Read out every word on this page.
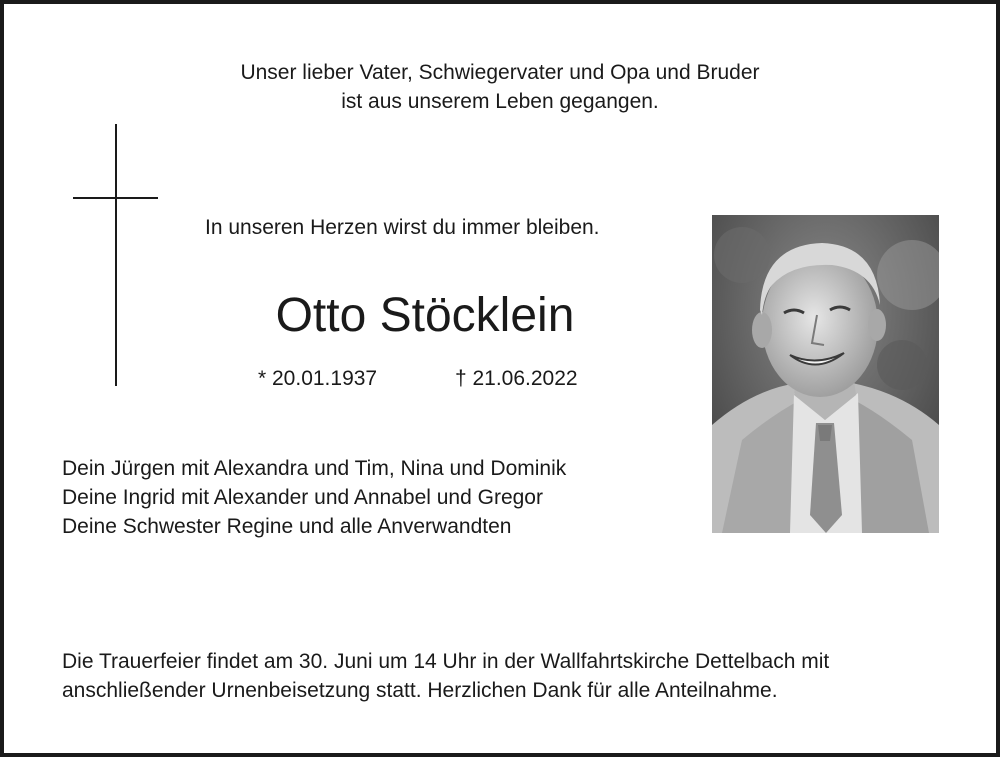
Unser lieber Vater, Schwiegervater und Opa und Bruder
ist aus unserem Leben gegangen.
In unseren Herzen wirst du immer bleiben.
Otto Stöcklein
* 20.01.1937	† 21.06.2022
Dein Jürgen mit Alexandra und Tim, Nina und Dominik
Deine Ingrid mit Alexander und Annabel und Gregor
Deine Schwester Regine und alle Anverwandten
Die Trauerfeier findet am 30. Juni um 14 Uhr in der Wallfahrtskirche Dettelbach mit
anschließender Urnenbeisetzung statt. Herzlichen Dank für alle Anteilnahme.
